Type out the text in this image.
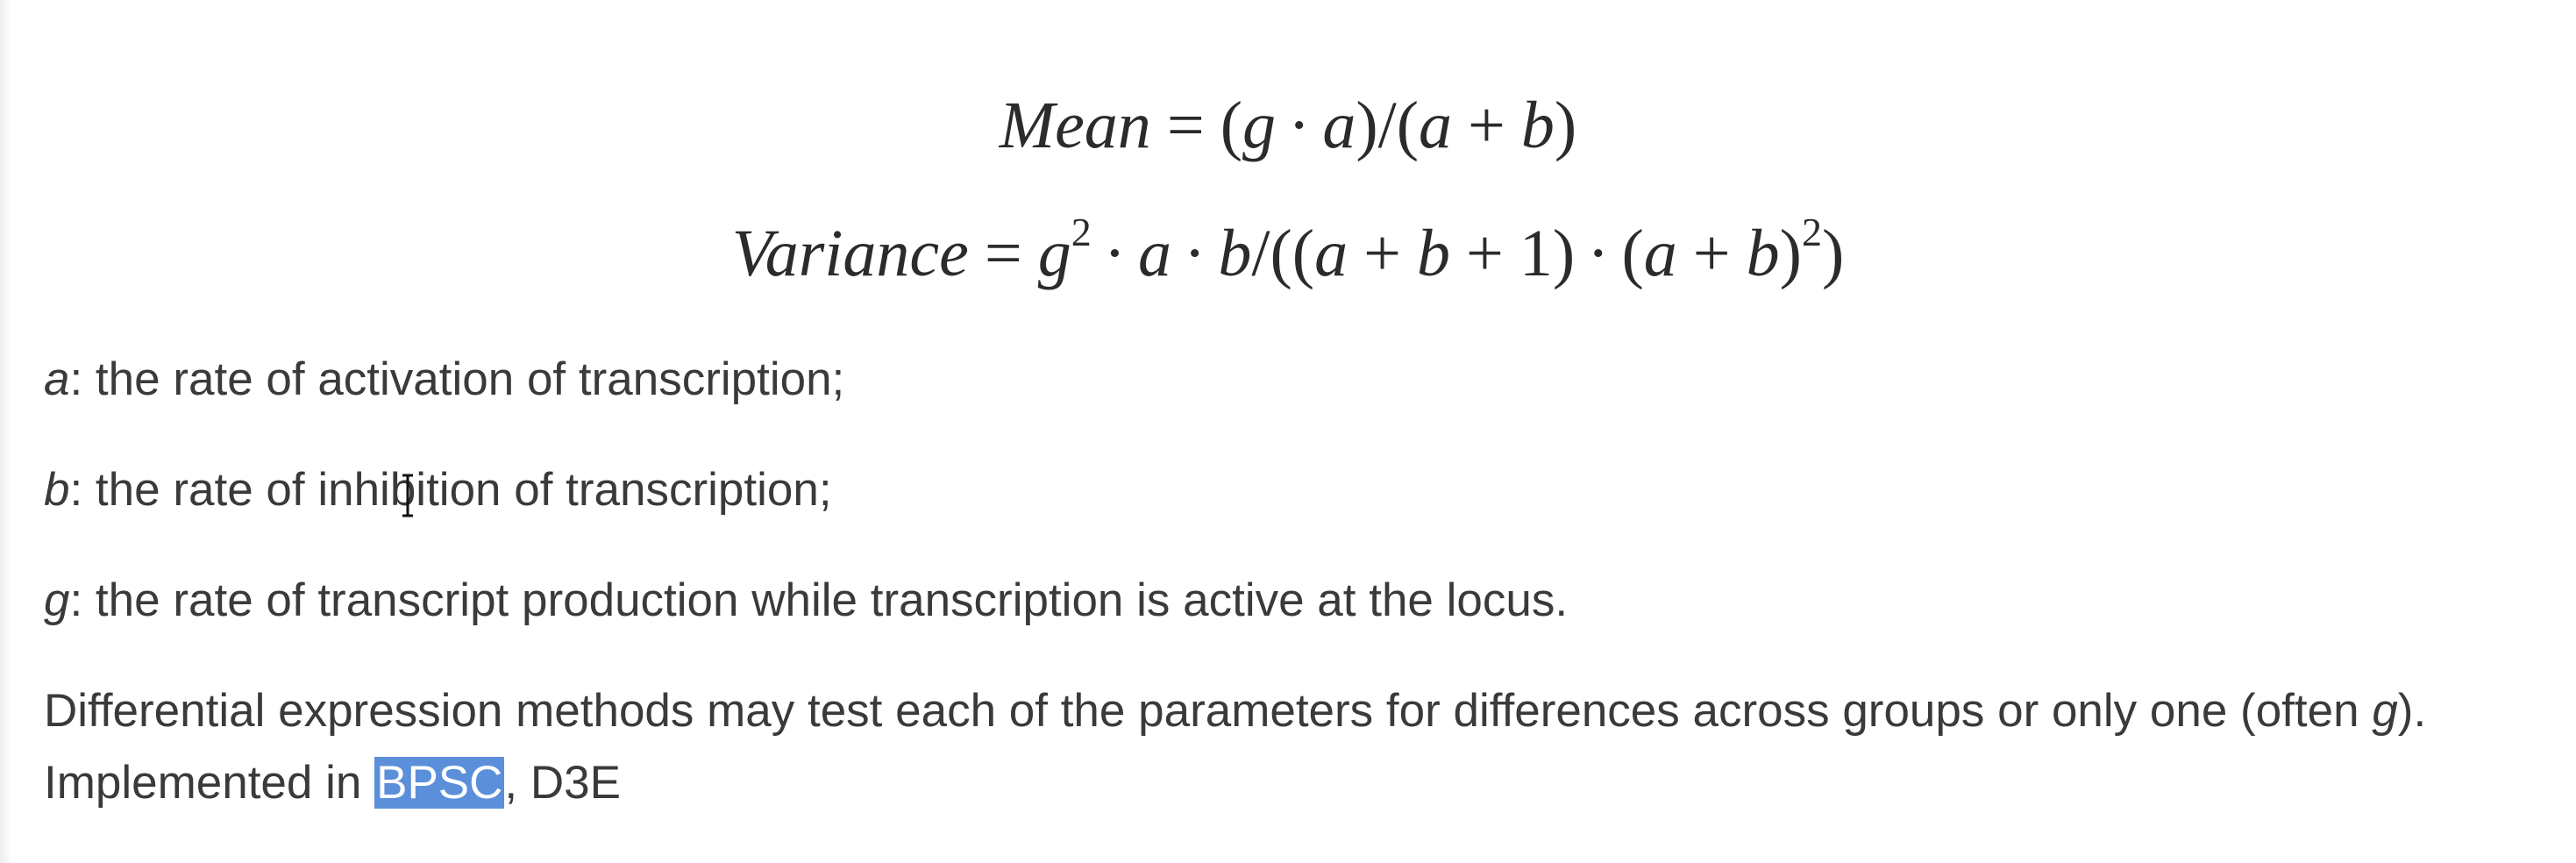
Mean = (g · a)/(a + b)
Variance = $g^2 \cdot a \cdot b/((a + b + 1) \cdot (a + b)^2)$
a: the rate of activation of transcription;
b: the rate of inhibition of transcription;
g: the rate of transcript production while transcription is active at the locus.
Differential expression methods may test each of the parameters for differences across groups or only one (often g). Implemented in BPSC, D3E
